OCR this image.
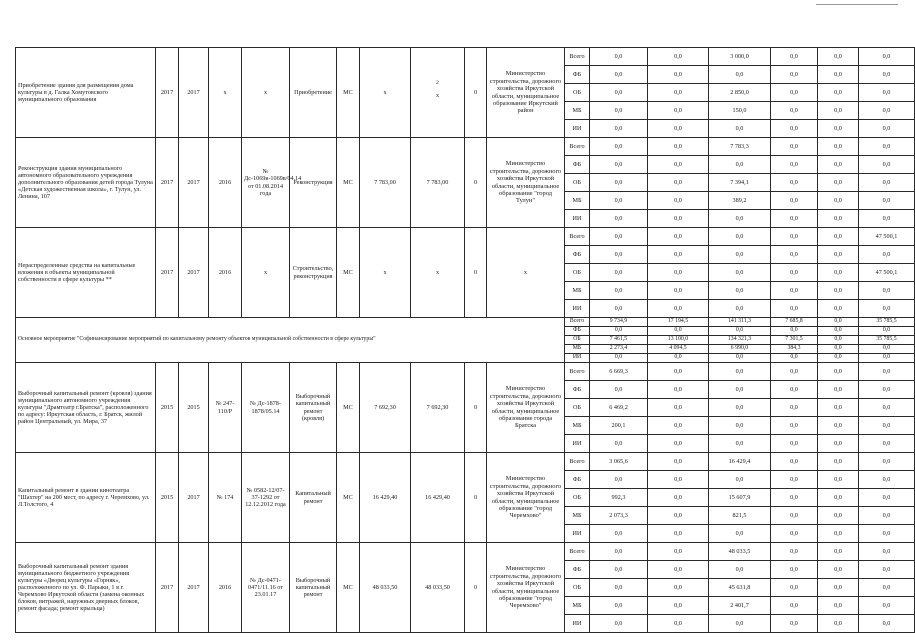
Приобретение здания для размещения дома культуры в д. Галка Хомутовского муниципального образования	2017	2017	x	x	Приобретение	МС	x	2
x	0	Министерство строительства, дорожного хозяйства Иркутской области, муниципальное образование Иркутский район	Всего	0,0	0,0	3 000,0	0,0	0,0	0,0
											ФБ	0,0	0,0	0,0	0,0	0,0	0,0
											ОБ	0,0	0,0	2 850,0	0,0	0,0	0,0
											МБ	0,0	0,0	150,0	0,0	0,0	0,0
											ИИ	0,0	0,0	0,0	0,0	0,0	0,0
Реконструкция здания муниципального автономного образовательного учреждения дополнительного образования детей города Тулуна «Детская художественная школа», г. Тулун, ул. Ленина, 107	2017	2017	2016	№ Дс-1069в-1069в/04.14 от 01.08.2014 года	Реконструкция	МС	7 783,00	7 783,00	0	Министерство строительства, дорожного хозяйства Иркутской области, муниципальное образование "город Тулун"	Всего	0,0	0,0	7 783,3	0,0	0,0	0,0
											ФБ	0,0	0,0	0,0	0,0	0,0	0,0
											ОБ	0,0	0,0	7 394,1	0,0	0,0	0,0
											МБ	0,0	0,0	389,2	0,0	0,0	0,0
											ИИ	0,0	0,0	0,0	0,0	0,0	0,0
Нераспределенные средства на капитальные вложения в объекты муниципальной собственности в сфере культуры **	2017	2017	2016	x	Строительство, реконструкция	МС	x	x	0	x	Всего	0,0	0,0	0,0	0,0	0,0	47 500,1
											ФБ	0,0	0,0	0,0	0,0	0,0	0,0
											ОБ	0,0	0,0	0,0	0,0	0,0	47 500,1
											МБ	0,0	0,0	0,0	0,0	0,0	0,0
											ИИ	0,0	0,0	0,0	0,0	0,0	0,0
Основное мероприятие "Софинансирование мероприятий по капитальному ремонту объектов муниципальной собственности в сфере культуры"											Всего	9 734,9	17 194,5	141 311,3	7 685,8	0,0	35 785,5
											ФБ	0,0	0,0	0,0	0,0	0,0	0,0
											ОБ	7 461,5	13 100,0	134 321,3	7 301,5	0,0	35 785,5
											МБ	2 273,4	4 094,5	6 990,0	384,3	0,0	0,0
											ИИ	0,0	0,0	0,0	0,0	0,0	0,0
Выборочный капитальный ремонт (кровля) здания муниципального автономного учреждения культуры "Драмтеатр г.Братска", расположенного по адресу: Иркутская область, г. Братск, жилой район Центральный, ул. Мира, 37	2015	2015	№ 247-110/Р	№ Дс-1878-1878/05.14	Выборочный капитальный ремонт (кровля)	МС	7 692,30	7 692,30	0	Министерство строительства, дорожного хозяйства Иркутской области, муниципальное образование города Братска	Всего	6 669,3	0,0	0,0	0,0	0,0	0,0
											ФБ	0,0	0,0	0,0	0,0	0,0	0,0
											ОБ	6 469,2	0,0	0,0	0,0	0,0	0,0
											МБ	200,1	0,0	0,0	0,0	0,0	0,0
											ИИ	0,0	0,0	0,0	0,0	0,0	0,0
Капитальный ремонт в здании кинотеатра "Шахтер" на 200 мест, по адресу г. Черемхово, ул. Л.Толстого, 4	2015	2017	№ 174	№ 0582-12/07-37-1292 от 12.12.2012 года	Капитальный ремонт	МС	16 429,40	16 429,40	0	Министерство строительства, дорожного хозяйства Иркутской области, муниципальное образование "город Черемхово"	Всего	3 065,6	0,0	16 429,4	0,0	0,0	0,0
											ФБ	0,0	0,0	0,0	0,0	0,0	0,0
											ОБ	992,3	0,0	15 607,9	0,0	0,0	0,0
											МБ	2 073,3	0,0	821,5	0,0	0,0	0,0
											ИИ	0,0	0,0	0,0	0,0	0,0	0,0
Выборочный капитальный ремонт здания муниципального бюджетного учреждения культуры «Дворец культуры «Горняк», расположенного по ул. Ф. Парыки, 1 в г. Черемхово Иркутской области (замена оконных блоков, витражей, наружных дверных блоков, ремонт фасада; ремонт крыльца)	2017	2017	2016	№ Дс-0471-0471/11.16 от 23.01.17	Выборочный капитальный ремонт	МС	48 033,50	48 033,50	0	Министерство строительства, дорожного хозяйства Иркутской области, муниципальное образование "город Черемхово"	Всего	0,0	0,0	48 033,5	0,0	0,0	0,0
											ФБ	0,0	0,0	0,0	0,0	0,0	0,0
											ОБ	0,0	0,0	45 631,8	0,0	0,0	0,0
											МБ	0,0	0,0	2 401,7	0,0	0,0	0,0
											ИИ	0,0	0,0	0,0	0,0	0,0	0,0
